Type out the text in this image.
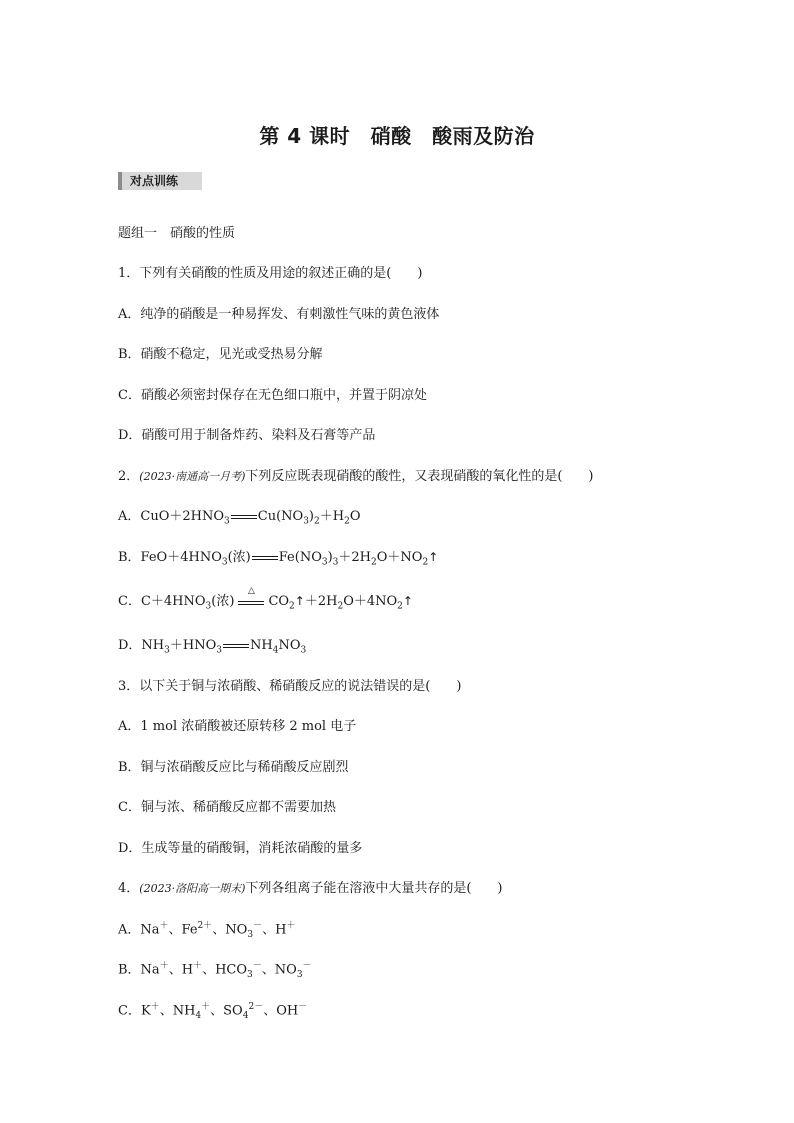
第 4 课时　硝酸　酸雨及防治
对点训练
题组一　硝酸的性质
1．下列有关硝酸的性质及用途的叙述正确的是(　　)
A．纯净的硝酸是一种易挥发、有刺激性气味的黄色液体
B．硝酸不稳定，见光或受热易分解
C．硝酸必须密封保存在无色细口瓶中，并置于阴凉处
D．硝酸可用于制备炸药、染料及石膏等产品
2．(2023·南通高一月考)下列反应既表现硝酸的酸性，又表现硝酸的氧化性的是(　　)
A．$CuO+2HNO_3$ $Cu(NO_3)_2+H_2O$
B．$FeO+4HNO_3$(浓) $Fe(NO_3)_3+2H_2O+NO_2↑$
C．$C+4HNO_3$(浓)
△
$CO_2↑+2H_2O+4NO_2↑$
D．$NH_3+HNO_3$ $NH_4NO_3$
3．以下关于铜与浓硝酸、稀硝酸反应的说法错误的是(　　)
A．1 mol 浓硝酸被还原转移 2 mol 电子
B．铜与浓硝酸反应比与稀硝酸反应剧烈
C．铜与浓、稀硝酸反应都不需要加热
D．生成等量的硝酸铜，消耗浓硝酸的量多
4．(2023·洛阳高一期末)下列各组离子能在溶液中大量共存的是(　　)
A．Na＋、$Fe^{2+}$、$NO_3^-$、H＋
B．Na＋、H＋、$HCO_3^-$、$NO_3^-$
C．K＋、$NH_4^+$、$SO_4^{2-}$、OH－
